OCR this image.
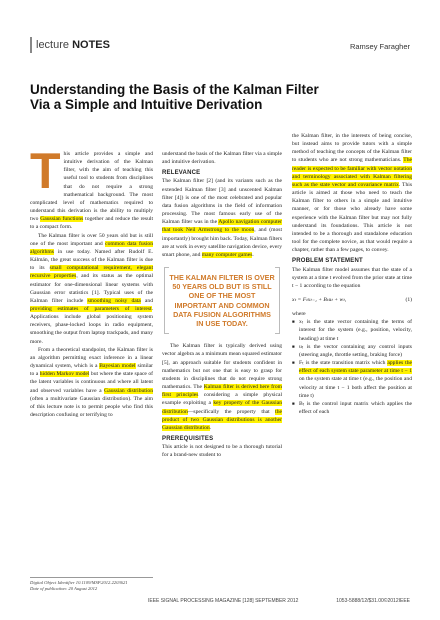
lecture NOTES	Ramsey Faragher
Understanding the Basis of the Kalman Filter Via a Simple and Intuitive Derivation

This article provides a simple and intuitive derivation of the Kalman filter, with the aim of teaching this useful tool to students from disciplines that do not require a strong mathematical background. The most complicated level of mathematics required to understand this derivation is the ability to multiply two Gaussian functions together and reduce the result to a compact form.

The Kalman filter is over 50 years old but is still one of the most important and common data fusion algorithms in use today. Named after Rudolf E. Kálmán, the great success of the Kalman filter is due to its small computational requirement, elegant recursive properties, and its status as the optimal estimator for one-dimensional linear systems with Gaussian error statistics [1]. Typical uses of the Kalman filter include smoothing noisy data and providing estimates of parameters of interest. Applications include global positioning system receivers, phase-locked loops in radio equipment, smoothing the output from laptop trackpads, and many more.

From a theoretical standpoint, the Kalman filter is an algorithm permitting exact inference in a linear dynamical system, which is a Bayesian model similar to a hidden Markov model but where the state space of the latent variables is continuous and where all latent and observed variables have a Gaussian distribution (often a multivariate Gaussian distribution). The aim of this lecture note is to permit people who find this description confusing or terrifying to

Digital Object Identifier 10.1109/MSP.2012.2203621
Date of publication: 20 August 2012

understand the basis of the Kalman filter via a simple and intuitive derivation.

RELEVANCE

The Kalman filter [2] (and its variants such as the extended Kalman filter [3] and unscented Kalman filter [4]) is one of the most celebrated and popular data fusion algorithms in the field of information processing. The most famous early use of the Kalman filter was in the Apollo navigation computer that took Neil Armstrong to the moon, and (most importantly) brought him back. Today, Kalman filters are at work in every satellite navigation device, every smart phone, and many computer games.

THE KALMAN FILTER IS OVER 50 YEARS OLD BUT IS STILL ONE OF THE MOST IMPORTANT AND COMMON DATA FUSION ALGORITHMS IN USE TODAY.

The Kalman filter is typically derived using vector algebra as a minimum mean squared estimator [5], an approach suitable for students confident in mathematics but not one that is easy to grasp for students in disciplines that do not require strong mathematics. The Kalman filter is derived here from first principles considering a simple physical example exploiting a key property of the Gaussian distribution—specifically the property that the product of two Gaussian distributions is another Gaussian distribution.

PREREQUISITES

This article is not designed to be a thorough tutorial for a brand-new student to

the Kalman filter, in the interests of being concise, but instead aims to provide tutors with a simple method of teaching the concepts of the Kalman filter to students who are not strong mathematicians. The reader is expected to be familiar with vector notation and terminology associated with Kalman filtering such as the state vector and covariance matrix. This article is aimed at those who need to teach the Kalman filter to others in a simple and intuitive manner, or for those who already have some experience with the Kalman filter but may not fully understand its foundations. This article is not intended to be a thorough and standalone education tool for the complete novice, as that would require a chapter, rather than a few pages, to convey.

PROBLEM STATEMENT

The Kalman filter model assumes that the state of a system at a time t evolved from the prior state at time t − 1 according to the equation

xₜ = Fₜxₜ₋₁ + Bₜuₜ + wₜ,	(1)

where

■ xₜ is the state vector containing the terms of interest for the system (e.g., position, velocity, heading) at time t

■ uₜ is the vector containing any control inputs (steering angle, throttle setting, braking force)

■ Fₜ is the state transition matrix which applies the effect of each system state parameter at time t − 1 on the system state at time t (e.g., the position and velocity at time t − 1 both affect the position at time t)

■ Bₜ is the control input matrix which applies the effect of each

IEEE SIGNAL PROCESSING MAGAZINE [128] SEPTEMBER 2012	1053-5888/12/$31.00©2012IEEE
